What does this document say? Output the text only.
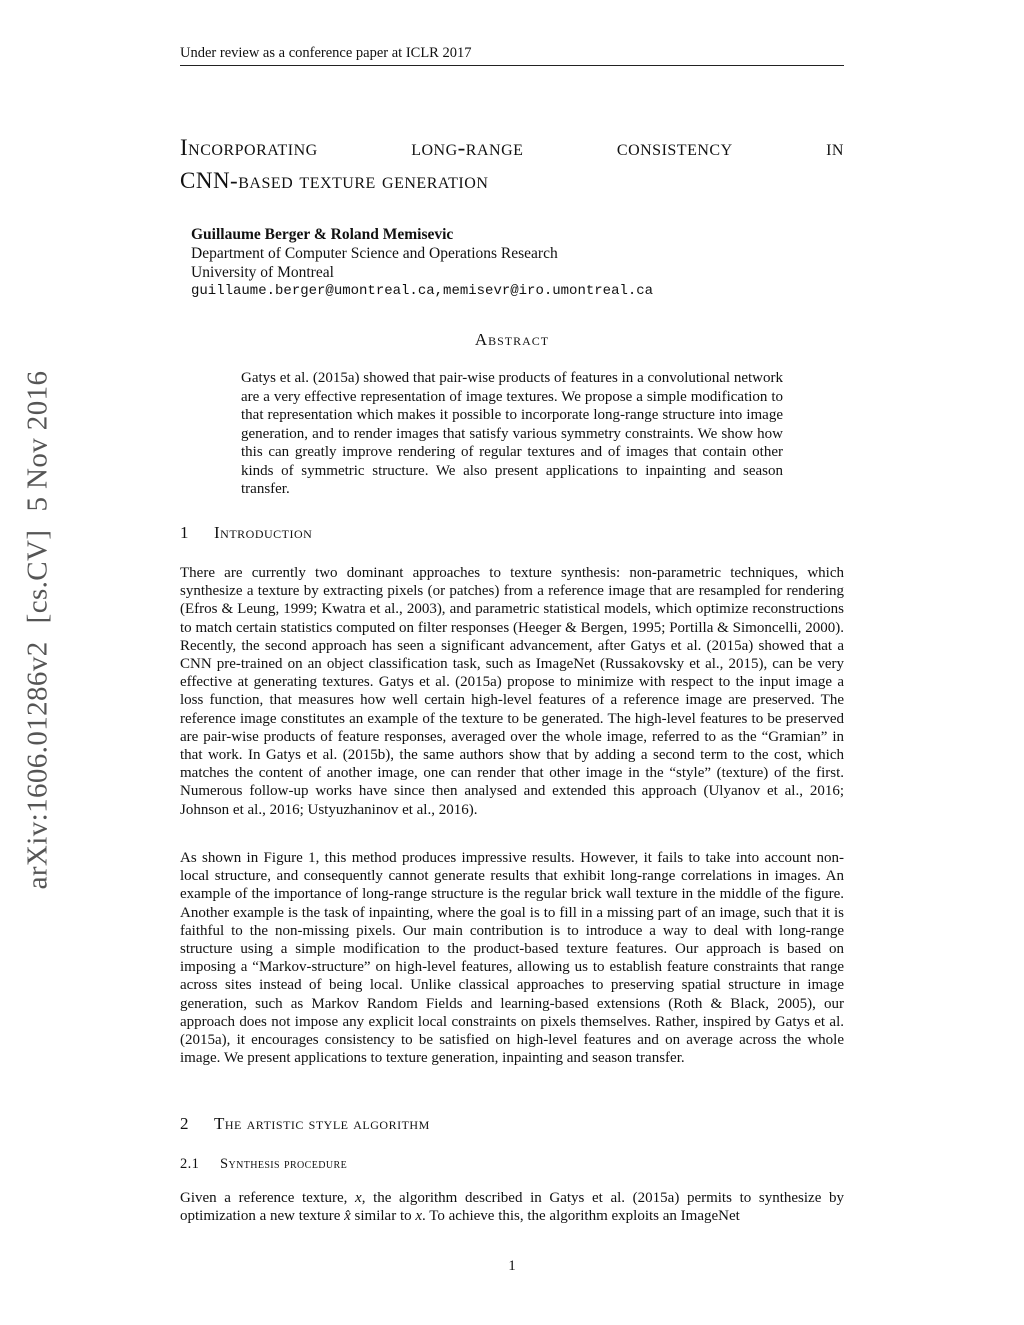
Under review as a conference paper at ICLR 2017
Incorporating	long-range	consistency	in
CNN-based texture generation
Guillaume Berger & Roland Memisevic
Department of Computer Science and Operations Research
University of Montreal
guillaume.berger@umontreal.ca,memisevr@iro.umontreal.ca
Abstract
Gatys et al. (2015a) showed that pair-wise products of features in a convolutional network are a very effective representation of image textures. We propose a simple modification to that representation which makes it possible to incorporate long-range structure into image generation, and to render images that satisfy various symmetry constraints. We show how this can greatly improve rendering of regular textures and of images that contain other kinds of symmetric structure. We also present applications to inpainting and season transfer.
arXiv:1606.01286v2[cs.CV]5 Nov 2016
1 Introduction
There are currently two dominant approaches to texture synthesis: non-parametric techniques, which synthesize a texture by extracting pixels (or patches) from a reference image that are resampled for rendering (Efros & Leung, 1999; Kwatra et al., 2003), and parametric statistical models, which optimize reconstructions to match certain statistics computed on filter responses (Heeger & Bergen, 1995; Portilla & Simoncelli, 2000). Recently, the second approach has seen a significant advancement, after Gatys et al. (2015a) showed that a CNN pre-trained on an object classification task, such as ImageNet (Russakovsky et al., 2015), can be very effective at generating textures. Gatys et al. (2015a) propose to minimize with respect to the input image a loss function, that measures how well certain high-level features of a reference image are preserved. The reference image constitutes an example of the texture to be generated. The high-level features to be preserved are pair-wise products of feature responses, averaged over the whole image, referred to as the “Gramian” in that work. In Gatys et al. (2015b), the same authors show that by adding a second term to the cost, which matches the content of another image, one can render that other image in the “style” (texture) of the first. Numerous follow-up works have since then analysed and extended this approach (Ulyanov et al., 2016; Johnson et al., 2016; Ustyuzhaninov et al., 2016).
As shown in Figure 1, this method produces impressive results. However, it fails to take into account non-local structure, and consequently cannot generate results that exhibit long-range correlations in images. An example of the importance of long-range structure is the regular brick wall texture in the middle of the figure. Another example is the task of inpainting, where the goal is to fill in a missing part of an image, such that it is faithful to the non-missing pixels. Our main contribution is to introduce a way to deal with long-range structure using a simple modification to the product-based texture features. Our approach is based on imposing a “Markov-structure” on high-level features, allowing us to establish feature constraints that range across sites instead of being local. Unlike classical approaches to preserving spatial structure in image generation, such as Markov Random Fields and learning-based extensions (Roth & Black, 2005), our approach does not impose any explicit local constraints on pixels themselves. Rather, inspired by Gatys et al. (2015a), it encourages consistency to be satisfied on high-level features and on average across the whole image. We present applications to texture generation, inpainting and season transfer.
2 The artistic style algorithm
2.1 Synthesis procedure
Given a reference texture, x, the algorithm described in Gatys et al. (2015a) permits to synthesize by optimization a new texture x̂ similar to x. To achieve this, the algorithm exploits an ImageNet
1
